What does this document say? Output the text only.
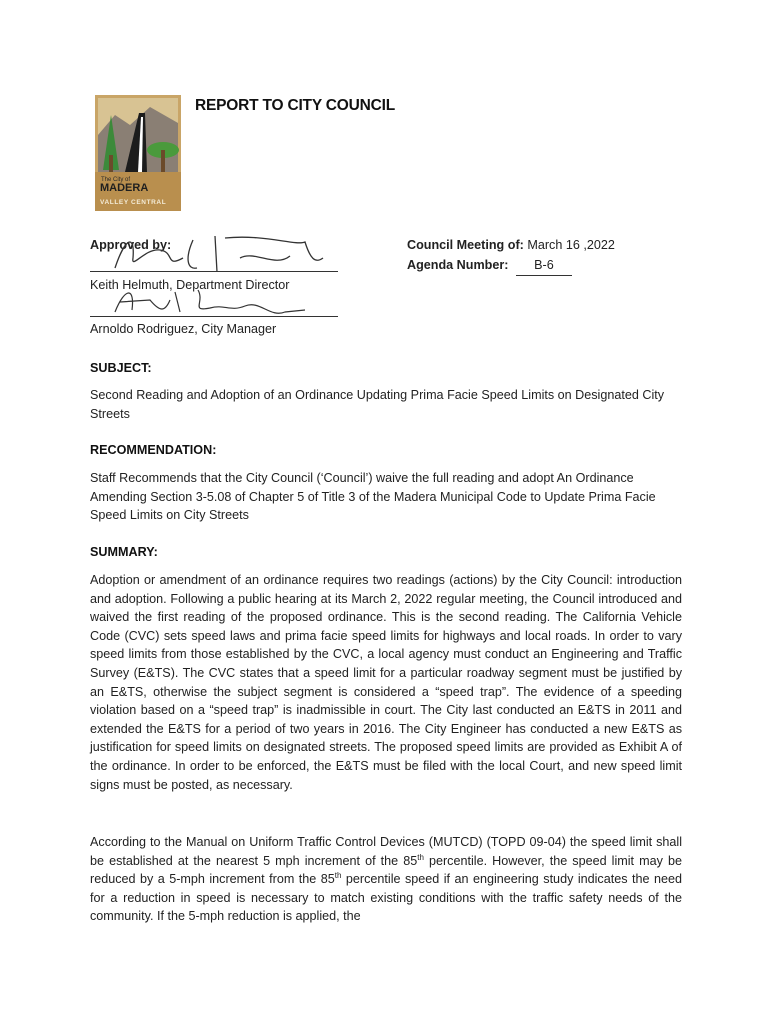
The City of
MADERA
VALLEY CENTRAL
REPORT TO CITY COUNCIL
Approved by:
Keith Helmuth, Department Director
Arnoldo Rodriguez, City Manager
Council Meeting of: March 16 ,2022
Agenda Number: B-6
SUBJECT:
Second Reading and Adoption of an Ordinance Updating Prima Facie Speed Limits on Designated City Streets
RECOMMENDATION:
Staff Recommends that the City Council (‘Council’) waive the full reading and adopt An Ordinance Amending Section 3-5.08 of Chapter 5 of Title 3 of the Madera Municipal Code to Update Prima Facie Speed Limits on City Streets
SUMMARY:

Adoption or amendment of an ordinance requires two readings (actions) by the City Council: introduction and adoption. Following a public hearing at its March 2, 2022 regular meeting, the Council introduced and waived the first reading of the proposed ordinance. This is the second reading. The California Vehicle Code (CVC) sets speed laws and prima facie speed limits for highways and local roads. In order to vary speed limits from those established by the CVC, a local agency must conduct an Engineering and Traffic Survey (E&TS). The CVC states that a speed limit for a particular roadway segment must be justified by an E&TS, otherwise the subject segment is considered a “speed trap”. The evidence of a speeding violation based on a “speed trap” is inadmissible in court. The City last conducted an E&TS in 2011 and extended the E&TS for a period of two years in 2016. The City Engineer has conducted a new E&TS as justification for speed limits on designated streets. The proposed speed limits are provided as Exhibit A of the ordinance. In order to be enforced, the E&TS must be filed with the local Court, and new speed limit signs must be posted, as necessary.

According to the Manual on Uniform Traffic Control Devices (MUTCD) (TOPD 09-04) the speed limit shall be established at the nearest 5 mph increment of the 85th percentile. However, the speed limit may be reduced by a 5-mph increment from the 85th percentile speed if an engineering study indicates the need for a reduction in speed is necessary to match existing conditions with the traffic safety needs of the community. If the 5-mph reduction is applied, the
